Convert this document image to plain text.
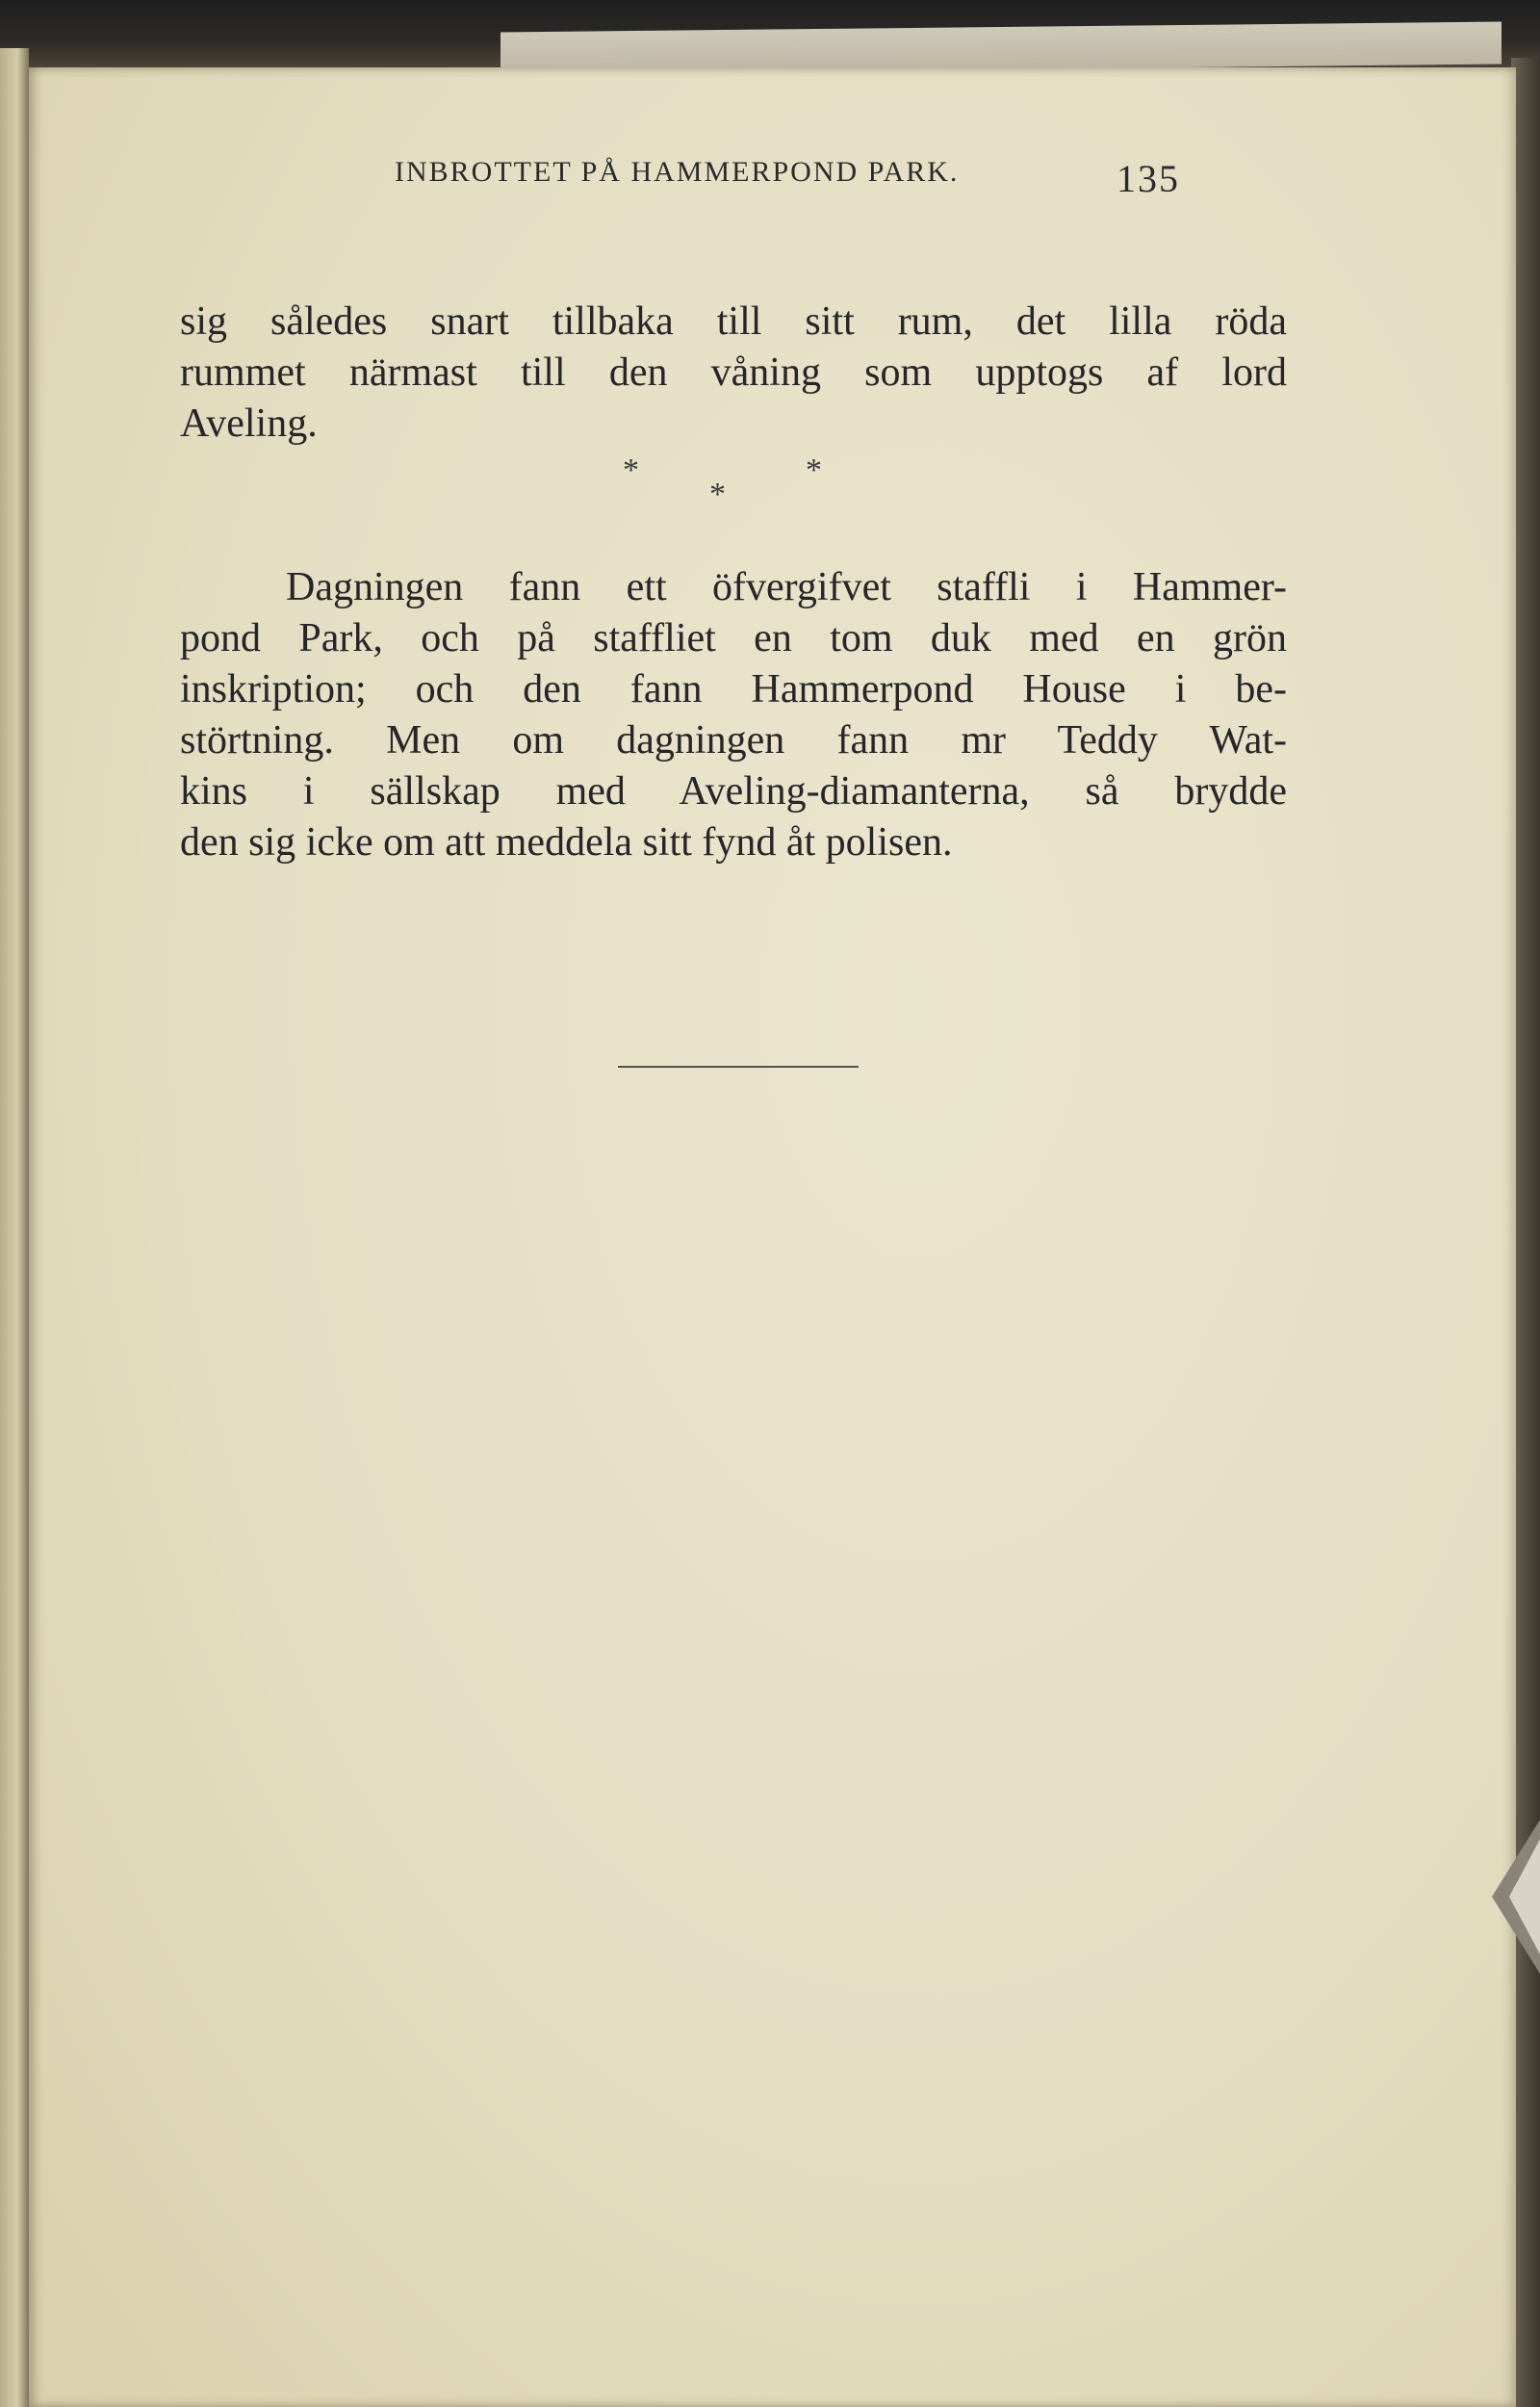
INBROTTET PÅ HAMMERPOND PARK.	135
sig således snart tillbaka till sitt rum, det lilla röda
rummet närmast till den våning som upptogs af lord
Aveling.
*
*
*
Dagningen fann ett öfvergifvet staffli i Hammer-
pond Park, och på staffliet en tom duk med en grön
inskription; och den fann Hammerpond House i be-
störtning. Men om dagningen fann mr Teddy Wat-
kins i sällskap med Aveling-diamanterna, så brydde
den sig icke om att meddela sitt fynd åt polisen.
